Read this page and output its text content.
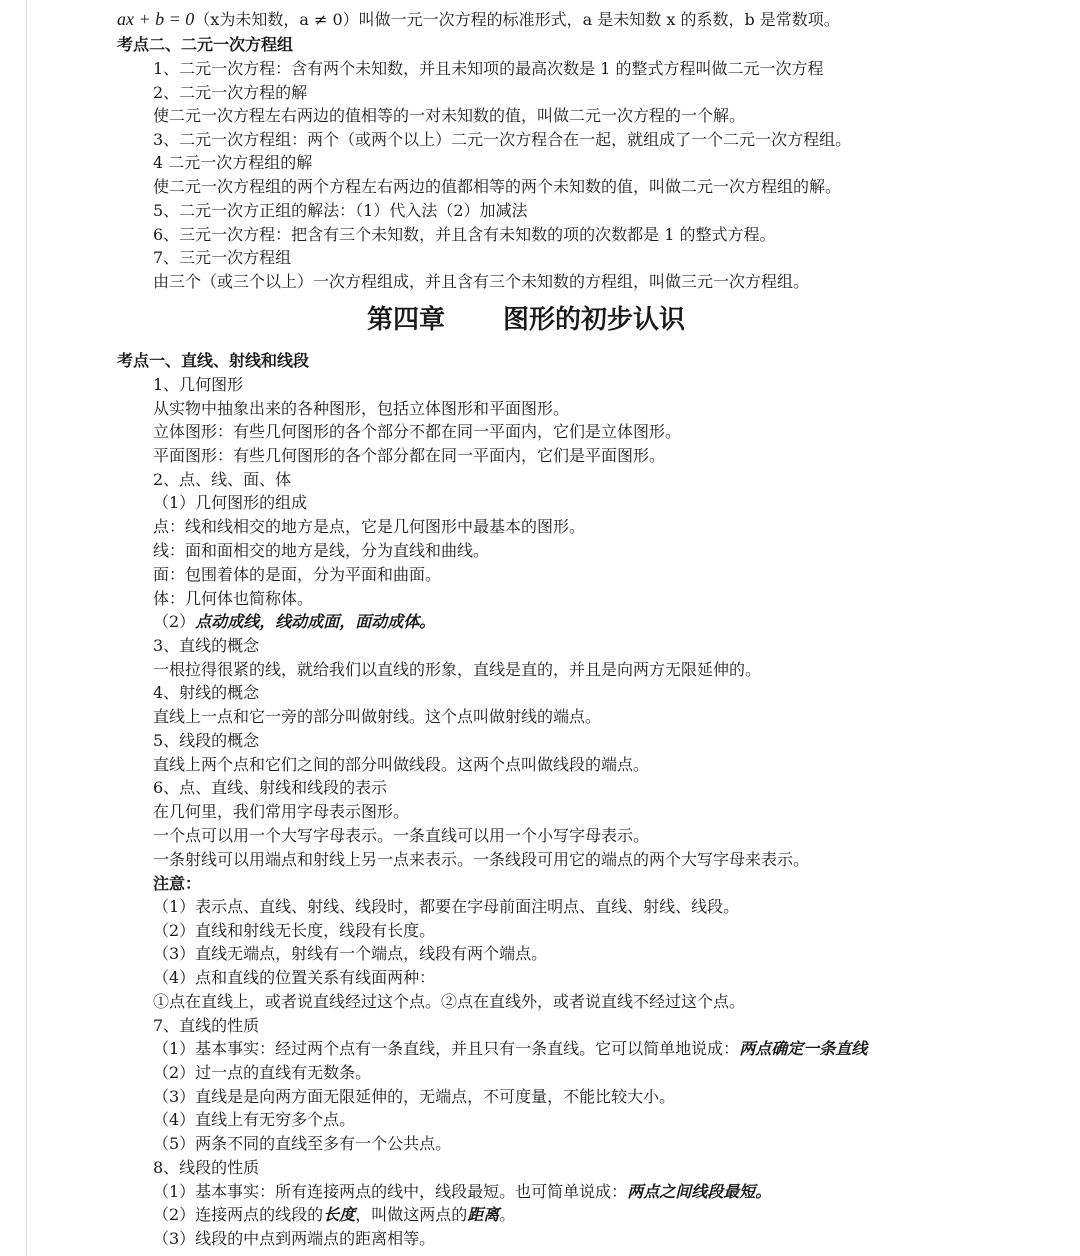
ax + b = 0（x为未知数，a ≠ 0）叫做一元一次方程的标准形式，a 是未知数 x 的系数，b 是常数项。
考点二、二元一次方程组
1、二元一次方程：含有两个未知数，并且未知项的最高次数是 1 的整式方程叫做二元一次方程
2、二元一次方程的解
使二元一次方程左右两边的值相等的一对未知数的值，叫做二元一次方程的一个解。
3、二元一次方程组：两个（或两个以上）二元一次方程合在一起，就组成了一个二元一次方程组。
4 二元一次方程组的解
使二元一次方程组的两个方程左右两边的值都相等的两个未知数的值，叫做二元一次方程组的解。
5、二元一次方正组的解法：（1）代入法（2）加减法
6、三元一次方程：把含有三个未知数，并且含有未知数的项的次数都是 1 的整式方程。
7、三元一次方程组
由三个（或三个以上）一次方程组成，并且含有三个未知数的方程组，叫做三元一次方程组。
第四章 图形的初步认识
考点一、直线、射线和线段
1、几何图形
从实物中抽象出来的各种图形，包括立体图形和平面图形。
立体图形：有些几何图形的各个部分不都在同一平面内，它们是立体图形。
平面图形：有些几何图形的各个部分都在同一平面内，它们是平面图形。
2、点、线、面、体
（1）几何图形的组成
点：线和线相交的地方是点，它是几何图形中最基本的图形。
线：面和面相交的地方是线，分为直线和曲线。
面：包围着体的是面，分为平面和曲面。
体：几何体也简称体。
（2）点动成线，线动成面，面动成体。
3、直线的概念
一根拉得很紧的线，就给我们以直线的形象，直线是直的，并且是向两方无限延伸的。
4、射线的概念
直线上一点和它一旁的部分叫做射线。这个点叫做射线的端点。
5、线段的概念
直线上两个点和它们之间的部分叫做线段。这两个点叫做线段的端点。
6、点、直线、射线和线段的表示
在几何里，我们常用字母表示图形。
一个点可以用一个大写字母表示。一条直线可以用一个小写字母表示。
一条射线可以用端点和射线上另一点来表示。一条线段可用它的端点的两个大写字母来表示。
注意：
（1）表示点、直线、射线、线段时，都要在字母前面注明点、直线、射线、线段。
（2）直线和射线无长度，线段有长度。
（3）直线无端点，射线有一个端点，线段有两个端点。
（4）点和直线的位置关系有线面两种：
①点在直线上，或者说直线经过这个点。②点在直线外，或者说直线不经过这个点。
7、直线的性质
（1）基本事实：经过两个点有一条直线，并且只有一条直线。它可以简单地说成：两点确定一条直线
（2）过一点的直线有无数条。
（3）直线是是向两方面无限延伸的，无端点，不可度量，不能比较大小。
（4）直线上有无穷多个点。
（5）两条不同的直线至多有一个公共点。
8、线段的性质
（1）基本事实：所有连接两点的线中，线段最短。也可简单说成：两点之间线段最短。
（2）连接两点的线段的长度，叫做这两点的距离。
（3）线段的中点到两端点的距离相等。
